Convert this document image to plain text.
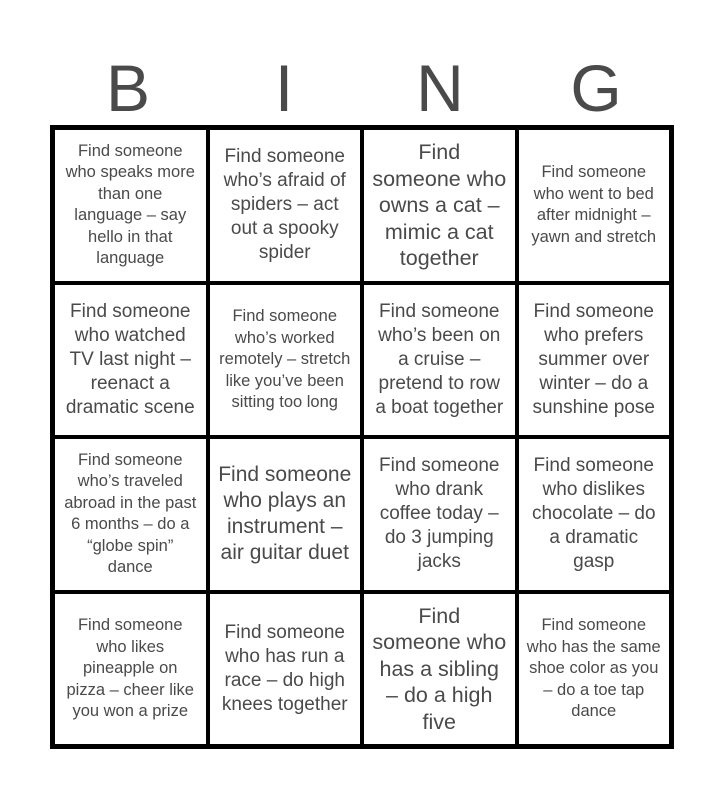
B	I	N	G
Find someone who speaks more than one language – say hello in that language
Find someone who’s afraid of spiders – act out a spooky spider
Find someone who owns a cat – mimic a cat together
Find someone who went to bed after midnight – yawn and stretch
Find someone who watched TV last night – reenact a dramatic scene
Find someone who’s worked remotely – stretch like you’ve been sitting too long
Find someone who’s been on a cruise – pretend to row a boat together
Find someone who prefers summer over winter – do a sunshine pose
Find someone who’s traveled abroad in the past 6 months – do a “globe spin” dance
Find someone who plays an instrument – air guitar duet
Find someone who drank coffee today – do 3 jumping jacks
Find someone who dislikes chocolate – do a dramatic gasp
Find someone who likes pineapple on pizza – cheer like you won a prize
Find someone who has run a race – do high knees together
Find someone who has a sibling – do a high five
Find someone who has the same shoe color as you – do a toe tap dance
